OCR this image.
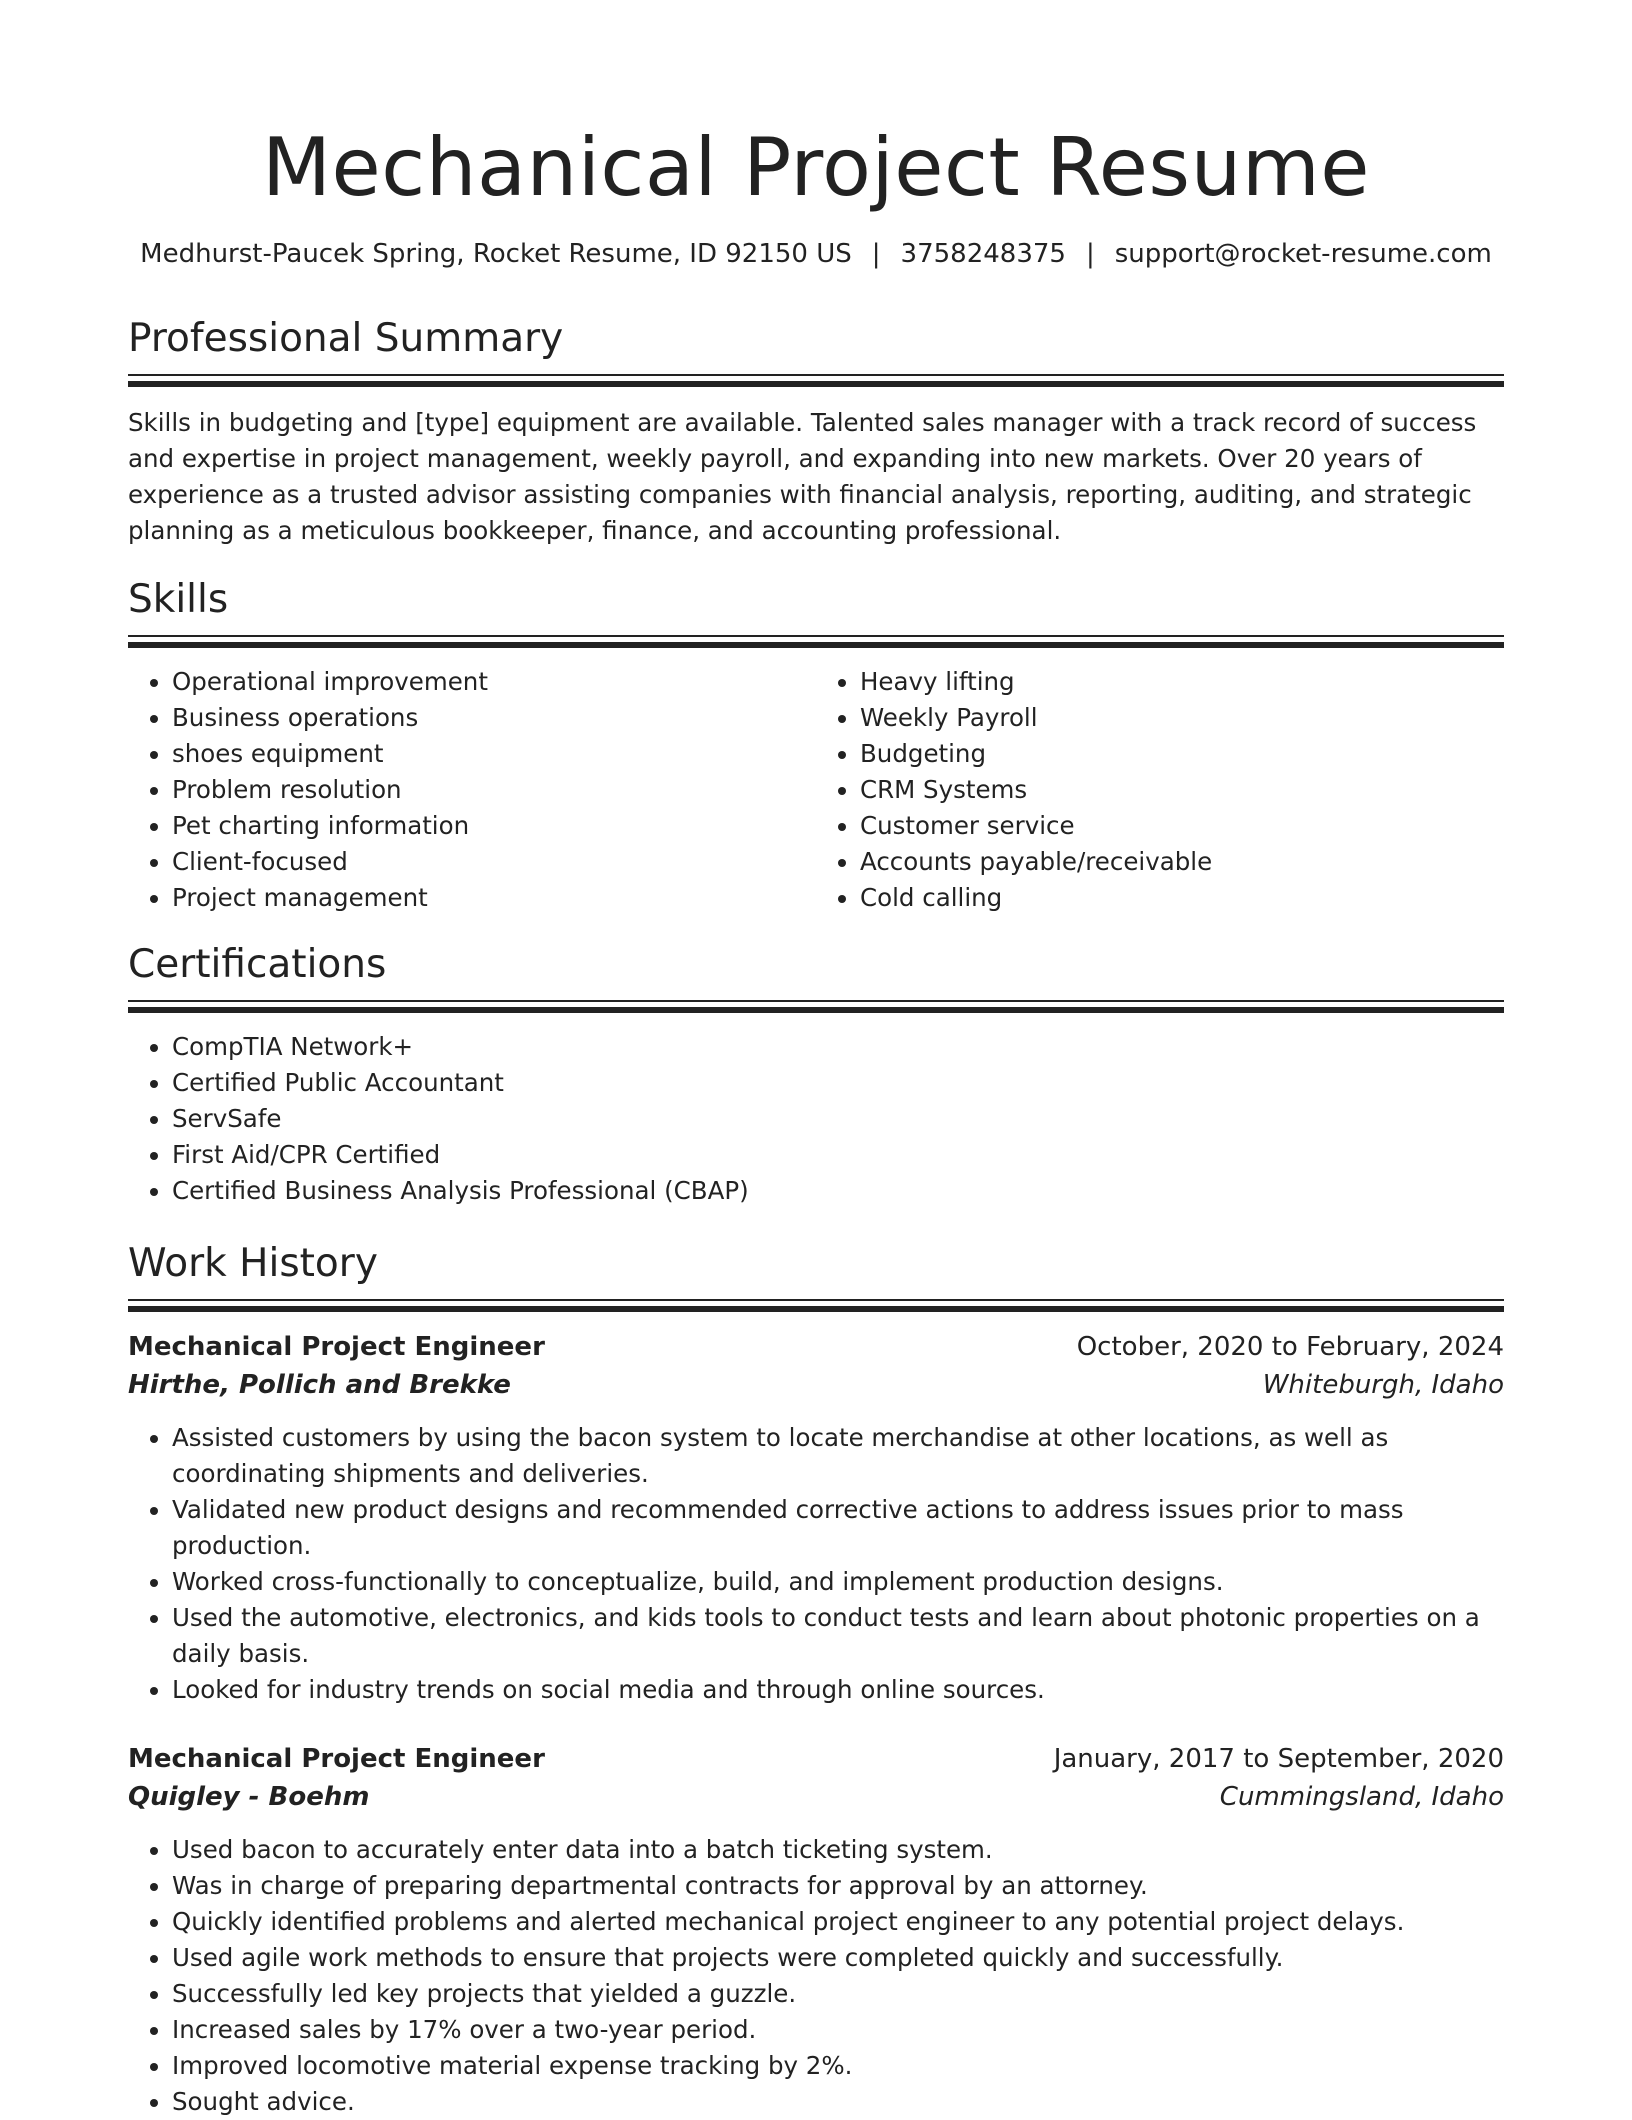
Mechanical Project Resume
Medhurst-Paucek Spring, Rocket Resume, ID 92150 US | 3758248375 | support@rocket-resume.com
Professional Summary
Skills in budgeting and [type] equipment are available. Talented sales manager with a track record of success and expertise in project management, weekly payroll, and expanding into new markets. Over 20 years of experience as a trusted advisor assisting companies with financial analysis, reporting, auditing, and strategic planning as a meticulous bookkeeper, finance, and accounting professional.
Skills
• Operational improvement
• Business operations
• shoes equipment
• Problem resolution
• Pet charting information
• Client-focused
• Project management
• Heavy lifting
• Weekly Payroll
• Budgeting
• CRM Systems
• Customer service
• Accounts payable/receivable
• Cold calling
Certifications
• CompTIA Network+
• Certified Public Accountant
• ServSafe
• First Aid/CPR Certified
• Certified Business Analysis Professional (CBAP)
Work History
Mechanical Project Engineer	October, 2020 to February, 2024
Hirthe, Pollich and Brekke	Whiteburgh, Idaho
• Assisted customers by using the bacon system to locate merchandise at other locations, as well as coordinating shipments and deliveries.
• Validated new product designs and recommended corrective actions to address issues prior to mass production.
• Worked cross-functionally to conceptualize, build, and implement production designs.
• Used the automotive, electronics, and kids tools to conduct tests and learn about photonic properties on a daily basis.
• Looked for industry trends on social media and through online sources.
Mechanical Project Engineer	January, 2017 to September, 2020
Quigley - Boehm	Cummingsland, Idaho
• Used bacon to accurately enter data into a batch ticketing system.
• Was in charge of preparing departmental contracts for approval by an attorney.
• Quickly identified problems and alerted mechanical project engineer to any potential project delays.
• Used agile work methods to ensure that projects were completed quickly and successfully.
• Successfully led key projects that yielded a guzzle.
• Increased sales by 17% over a two-year period.
• Improved locomotive material expense tracking by 2%.
• Sought advice.
